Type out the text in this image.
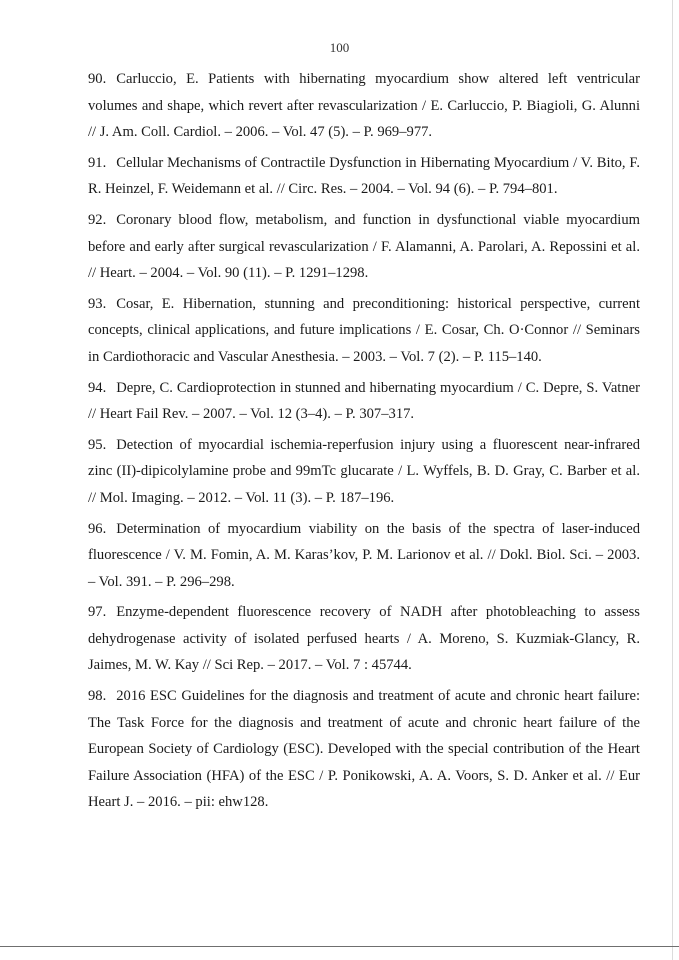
100

90. Carluccio, E. Patients with hibernating myocardium show altered left ventricular volumes and shape, which revert after revascularization / E. Carluccio, P. Biagioli, G. Alunni // J. Am. Coll. Cardiol. – 2006. – Vol. 47 (5). – P. 969–977.

91. Cellular Mechanisms of Contractile Dysfunction in Hibernating Myocardium / V. Bito, F. R. Heinzel, F. Weidemann et al. // Circ. Res. – 2004. – Vol. 94 (6). – P. 794–801.

92. Coronary blood flow, metabolism, and function in dysfunctional viable myocardium before and early after surgical revascularization / F. Alamanni, A. Parolari, A. Repossini et al. // Heart. – 2004. – Vol. 90 (11). – P. 1291–1298.

93. Cosar, E. Hibernation, stunning and preconditioning: historical perspective, current concepts, clinical applications, and future implications / E. Cosar, Ch. O·Connor // Seminars in Cardiothoracic and Vascular Anesthesia. – 2003. – Vol. 7 (2). – P. 115–140.

94. Depre, C. Cardioprotection in stunned and hibernating myocardium / C. Depre, S. Vatner // Heart Fail Rev. – 2007. – Vol. 12 (3–4). – P. 307–317.

95. Detection of myocardial ischemia-reperfusion injury using a fluorescent near-infrared zinc (II)-dipicolylamine probe and 99mTc glucarate / L. Wyffels, B. D. Gray, C. Barber et al. // Mol. Imaging. – 2012. – Vol. 11 (3). – P. 187–196.

96. Determination of myocardium viability on the basis of the spectra of laser-induced fluorescence / V. M. Fomin, A. M. Karas’kov, P. M. Larionov et al. // Dokl. Biol. Sci. – 2003. – Vol. 391. – P. 296–298.

97. Enzyme-dependent fluorescence recovery of NADH after photobleaching to assess dehydrogenase activity of isolated perfused hearts / A. Moreno, S. Kuzmiak-Glancy, R. Jaimes, M. W. Kay // Sci Rep. – 2017. – Vol. 7 : 45744.

98. 2016 ESC Guidelines for the diagnosis and treatment of acute and chronic heart failure: The Task Force for the diagnosis and treatment of acute and chronic heart failure of the European Society of Cardiology (ESC). Developed with the special contribution of the Heart Failure Association (HFA) of the ESC / P. Ponikowski, A. A. Voors, S. D. Anker et al. // Eur Heart J. – 2016. – pii: ehw128.
